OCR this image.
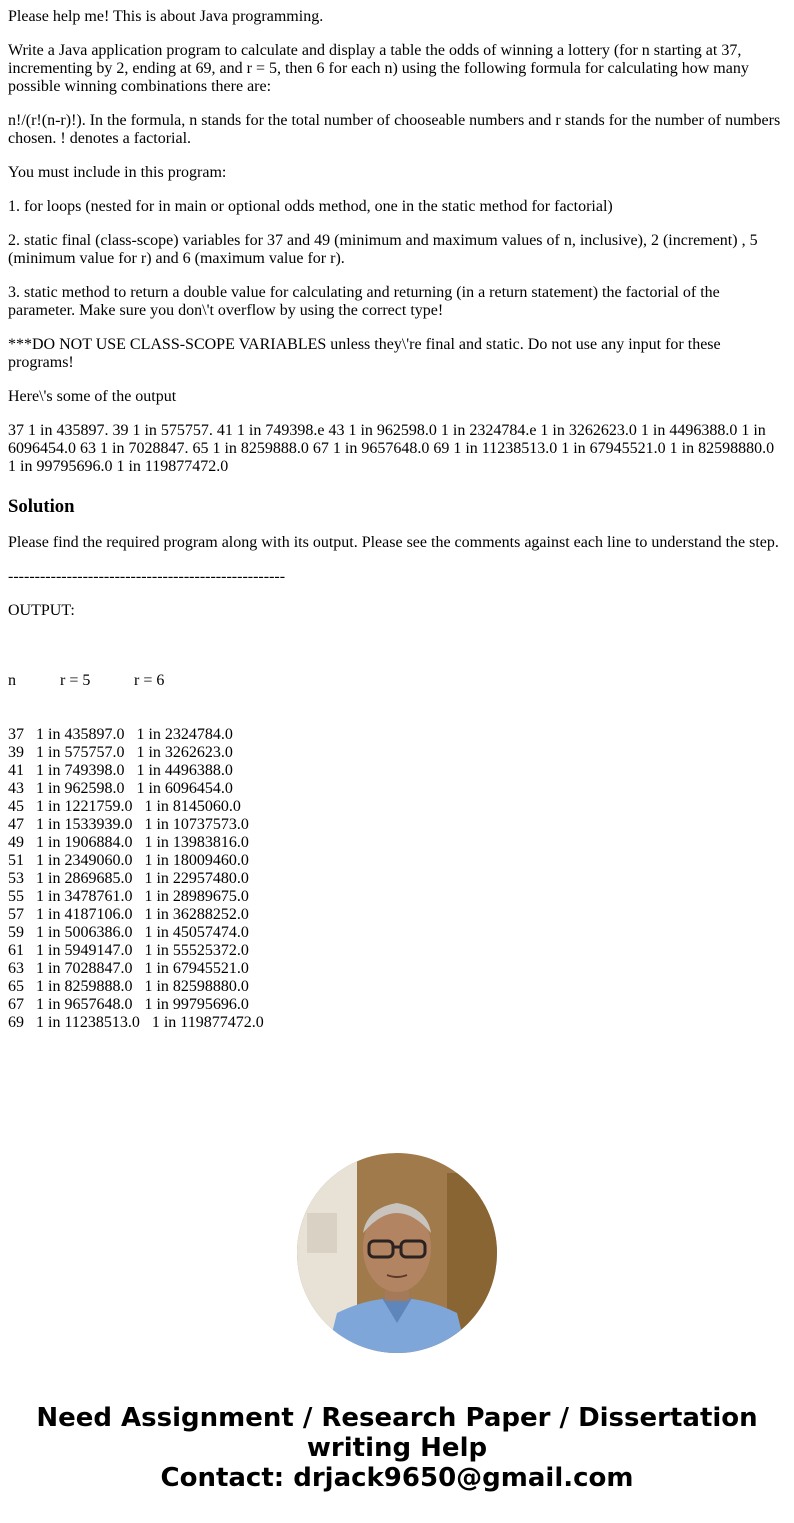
Please help me! This is about Java programming.

Write a Java application program to calculate and display a table the odds of winning a lottery (for n starting at 37, incrementing by 2, ending at 69, and r = 5, then 6 for each n) using the following formula for calculating how many possible winning combinations there are:

n!/(r!(n-r)!). In the formula, n stands for the total number of chooseable numbers and r stands for the number of numbers chosen. ! denotes a factorial.

You must include in this program:

1. for loops (nested for in main or optional odds method, one in the static method for factorial)

2. static final (class-scope) variables for 37 and 49 (minimum and maximum values of n, inclusive), 2 (increment) , 5 (minimum value for r) and 6 (maximum value for r).

3. static method to return a double value for calculating and returning (in a return statement) the factorial of the parameter. Make sure you don\'t overflow by using the correct type!

***DO NOT USE CLASS-SCOPE VARIABLES unless they\'re final and static. Do not use any input for these programs!

Here\'s some of the output

37 1 in 435897. 39 1 in 575757. 41 1 in 749398.e 43 1 in 962598.0 1 in 2324784.e 1 in 3262623.0 1 in 4496388.0 1 in 6096454.0 63 1 in 7028847. 65 1 in 8259888.0 67 1 in 9657648.0 69 1 in 11238513.0 1 in 67945521.0 1 in 82598880.0 1 in 99795696.0 1 in 119877472.0

Solution

Please find the required program along with its output. Please see the comments against each line to understand the step.

----------------------------------------------------

OUTPUT:

n	r = 5	r = 6

37 1 in 435897.0 1 in 2324784.0
39 1 in 575757.0 1 in 3262623.0
41 1 in 749398.0 1 in 4496388.0
43 1 in 962598.0 1 in 6096454.0
45 1 in 1221759.0 1 in 8145060.0
47 1 in 1533939.0 1 in 10737573.0
49 1 in 1906884.0 1 in 13983816.0
51 1 in 2349060.0 1 in 18009460.0
53 1 in 2869685.0 1 in 22957480.0
55 1 in 3478761.0 1 in 28989675.0
57 1 in 4187106.0 1 in 36288252.0
59 1 in 5006386.0 1 in 45057474.0
61 1 in 5949147.0 1 in 55525372.0
63 1 in 7028847.0 1 in 67945521.0
65 1 in 8259888.0 1 in 82598880.0
67 1 in 9657648.0 1 in 99795696.0
69 1 in 11238513.0 1 in 119877472.0

Need Assignment / Research Paper / Dissertation
writing Help
Contact: drjack9650@gmail.com
